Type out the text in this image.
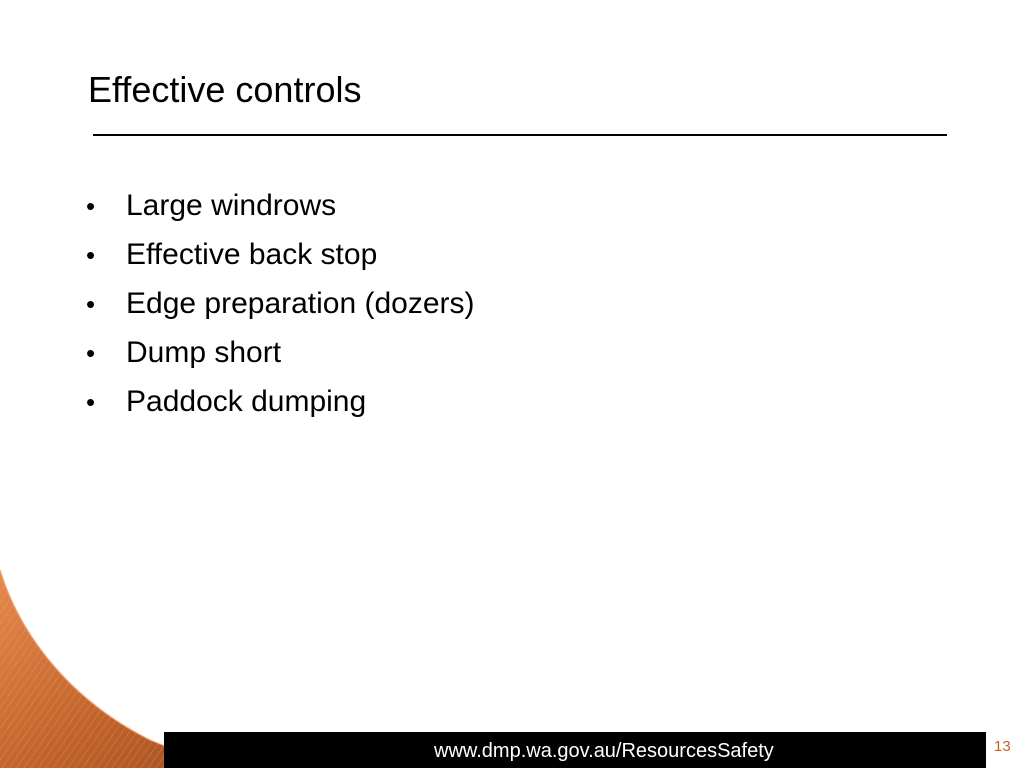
Effective controls
•	Large windrows
•	Effective back stop
•	Edge preparation (dozers)
•	Dump short
•	Paddock dumping
www.dmp.wa.gov.au/ResourcesSafety	13
